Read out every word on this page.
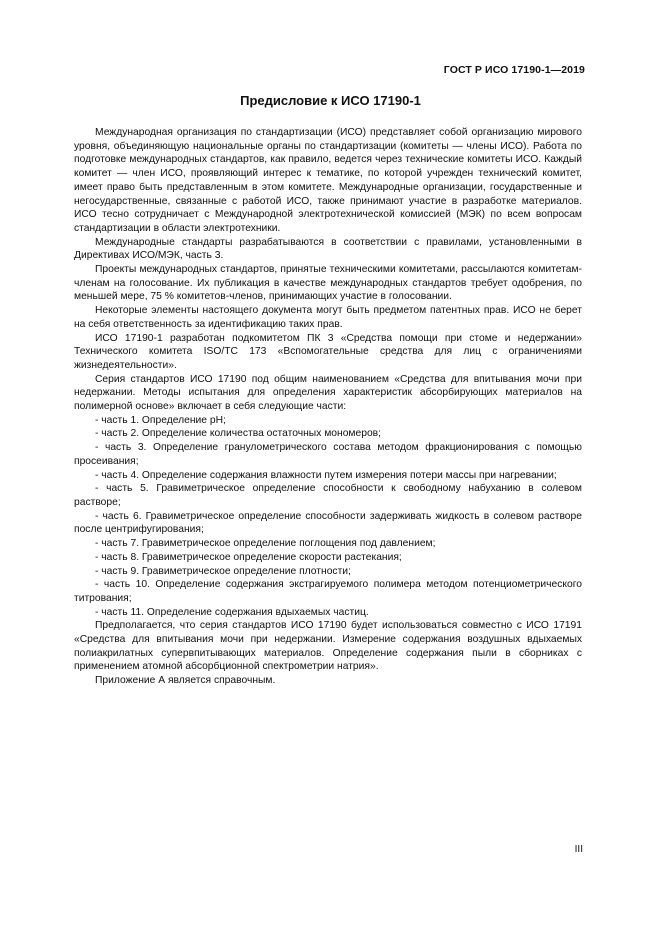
ГОСТ Р ИСО 17190-1—2019
Предисловие к ИСО 17190-1

Международная организация по стандартизации (ИСО) представляет собой организацию мирового уровня, объединяющую национальные органы по стандартизации (комитеты — члены ИСО). Работа по подготовке международных стандартов, как правило, ведется через технические комитеты ИСО. Каждый комитет — член ИСО, проявляющий интерес к тематике, по которой учрежден технический комитет, имеет право быть представленным в этом комитете. Международные организации, государственные и негосударственные, связанные с работой ИСО, также принимают участие в разработке материалов. ИСО тесно сотрудничает с Международной электротехнической комиссией (МЭК) по всем вопросам стандартизации в области электротехники.

Международные стандарты разрабатываются в соответствии с правилами, установленными в Директивах ИСО/МЭК, часть 3.

Проекты международных стандартов, принятые техническими комитетами, рассылаются комитетам-членам на голосование. Их публикация в качестве международных стандартов требует одобрения, по меньшей мере, 75 % комитетов-членов, принимающих участие в голосовании.

Некоторые элементы настоящего документа могут быть предметом патентных прав. ИСО не берет на себя ответственность за идентификацию таких прав.

ИСО 17190-1 разработан подкомитетом ПК 3 «Средства помощи при стоме и недержании» Технического комитета ISO/TC 173 «Вспомогательные средства для лиц с ограничениями жизнедеятельности».

Серия стандартов ИСО 17190 под общим наименованием «Средства для впитывания мочи при недержании. Методы испытания для определения характеристик абсорбирующих материалов на полимерной основе» включает в себя следующие части:

- часть 1. Определение pH;

- часть 2. Определение количества остаточных мономеров;

- часть 3. Определение гранулометрического состава методом фракционирования с помощью просеивания;

- часть 4. Определение содержания влажности путем измерения потери массы при нагревании;

- часть 5. Гравиметрическое определение способности к свободному набуханию в солевом растворе;

- часть 6. Гравиметрическое определение способности задерживать жидкость в солевом растворе после центрифугирования;

- часть 7. Гравиметрическое определение поглощения под давлением;

- часть 8. Гравиметрическое определение скорости растекания;

- часть 9. Гравиметрическое определение плотности;

- часть 10. Определение содержания экстрагируемого полимера методом потенциометрического титрования;

- часть 11. Определение содержания вдыхаемых частиц.

Предполагается, что серия стандартов ИСО 17190 будет использоваться совместно с ИСО 17191 «Средства для впитывания мочи при недержании. Измерение содержания воздушных вдыхаемых полиакрилатных супервпитывающих материалов. Определение содержания пыли в сборниках с применением атомной абсорбционной спектрометрии натрия».

Приложение А является справочным.

III
